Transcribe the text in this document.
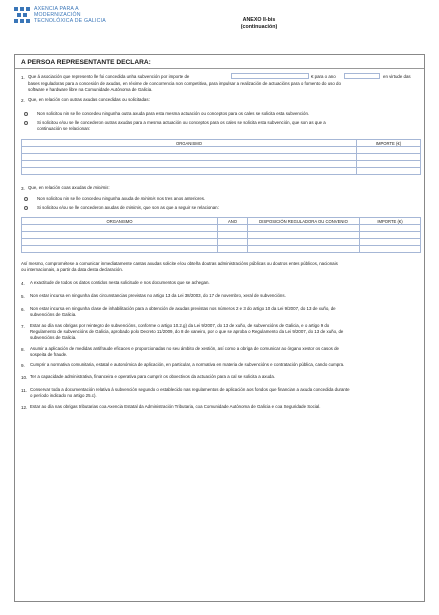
AXENCIA PARA A
MODERNIZACIÓN
TECNOLÓXICA DE GALICIA	ANEXO II-bis
(continuación)
A PERSOA REPRESENTANTE DECLARA:
1. Que á asociación que represento lle foi concedida unha subvención por importe de	€ para o ano	en virtude das
bases reguladoras para a concesión de axudas, en réxime de concorrencia non competitiva, para impulsar a realización de actuacións para o fomento do uso do
software e hardware libre na Comunidade Autónoma de Galicia.
2. Que, en relación con outras axudas concedidas ou solicitadas:
Non solicitou nin se lle concedeu ningunha outra axuda para esta mesma actuación ou conceptos para os cales se solicita esta subvención.
Si solicitou e/ou se lle concederon outras axudas para a mesma actuación ou conceptos para os cales se solicita esta subvención, que son as que a
continuación se relacionan:
ORGANISMO	IMPORTE (€)

3. Que, en relación coas axudas de minimis:
Non solicitou nin se lle concedeu ningunha axuda de minimis nos tres anos anteriores.
Si solicitou e/ou se lle concederon axudas de minimis, que son as que a seguir se relacionan:
ORGANISMO	ANO	DISPOSICIÓN REGULADORA OU CONVENIO	IMPORTE (€)

Así mesmo, comprométese a comunicar inmediatamente cantas axudas solicite e/ou obteña doutras administracións públicas ou doutros entes públicos, nacionais
ou internacionais, a partir da data desta declaración.
4. A exactitude de todos os datos contidos nesta solicitude e nos documentos que se achegan.
5. Non estar incursa en ningunha das circunstancias previstas no artigo 13 da Lei 38/2003, do 17 de novembro, xeral de subvencións.
6. Non estar incursa en ningunha clase de inhabilitación para a obtención de axudas previstas nos números 2 e 3 do artigo 10 da Lei 9/2007, do 13 de xuño, de
subvencións de Galicia.
7. Estar ao día nas obrigas por reintegro de subvencións, conforme o artigo 10.2.g) da Lei 9/2007, do 13 de xuño, de subvencións de Galicia, e o artigo 9 do
Regulamento de subvencións de Galicia, aprobado polo Decreto 11/2009, do 8 de xaneiro, por o que se aproba o Regulamento da Lei 9/2007, do 13 de xuño, de
subvencións de Galicia.
8. Asumir a aplicación de medidas antifraude eficaces e proporcionadas no seu ámbito de xestión, así como a obriga de comunicar ao órgano xestor os casos de
sospeita de fraude.
9. Cumprir a normativa comunitaria, estatal e autonómica de aplicación, en particular, a normativa en materia de subvencións e contratación pública, cando cumpra.
10. Ter a capacidade administrativa, financeira e operativa para cumprir os obxectivos da actuación para a cal se solicita a axuda.
11. Conservar toda a documentación relativa á subvención segundo o establecido nas regulamentos de aplicación aos fondos que financian a axuda concedida durante
o período indicado no artigo 25.c).
12. Estar ao día nas obrigas tributarias coa Axencia Estatal da Administración Tributaria, coa Comunidade Autónoma de Galicia e coa Seguridade Social.
